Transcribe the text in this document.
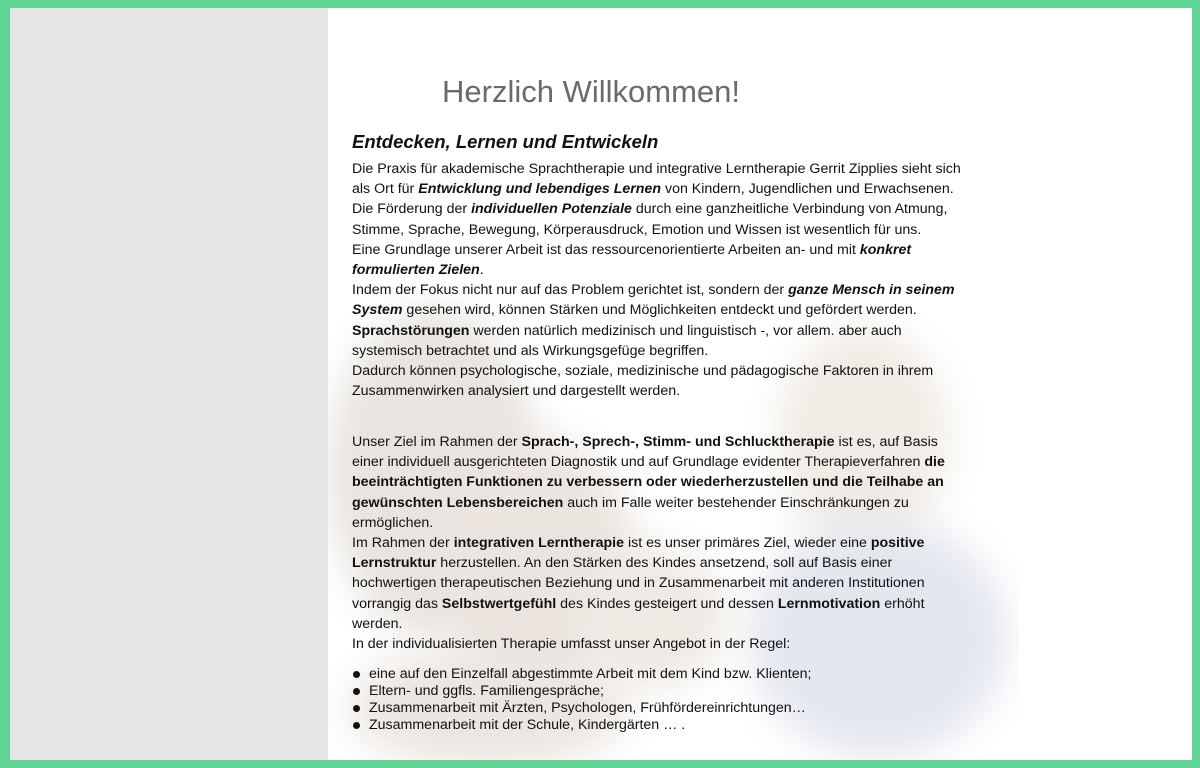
Herzlich Willkommen!
Entdecken, Lernen und Entwickeln

Die Praxis für akademische Sprachtherapie und integrative Lerntherapie Gerrit Zipplies sieht sich als Ort für Entwicklung und lebendiges Lernen von Kindern, Jugendlichen und Erwachsenen.
Die Förderung der individuellen Potenziale durch eine ganzheitliche Verbindung von Atmung, Stimme, Sprache, Bewegung, Körperausdruck, Emotion und Wissen ist wesentlich für uns.
Eine Grundlage unserer Arbeit ist das ressourcenorientierte Arbeiten an- und mit konkret formulierten Zielen.
Indem der Fokus nicht nur auf das Problem gerichtet ist, sondern der ganze Mensch in seinem System gesehen wird, können Stärken und Möglichkeiten entdeckt und gefördert werden. Sprachstörungen werden natürlich medizinisch und linguistisch -, vor allem. aber auch systemisch betrachtet und als Wirkungsgefüge begriffen.
Dadurch können psychologische, soziale, medizinische und pädagogische Faktoren in ihrem Zusammenwirken analysiert und dargestellt werden.

Unser Ziel im Rahmen der Sprach-, Sprech-, Stimm- und Schlucktherapie ist es, auf Basis einer individuell ausgerichteten Diagnostik und auf Grundlage evidenter Therapieverfahren die beeinträchtigten Funktionen zu verbessern oder wiederherzustellen und die Teilhabe an gewünschten Lebensbereichen auch im Falle weiter bestehender Einschränkungen zu ermöglichen.
Im Rahmen der integrativen Lerntherapie ist es unser primäres Ziel, wieder eine positive Lernstruktur herzustellen. An den Stärken des Kindes ansetzend, soll auf Basis einer hochwertigen therapeutischen Beziehung und in Zusammenarbeit mit anderen Institutionen vorrangig das Selbstwertgefühl des Kindes gesteigert und dessen Lernmotivation erhöht werden.
In der individualisierten Therapie umfasst unser Angebot in der Regel:

eine auf den Einzelfall abgestimmte Arbeit mit dem Kind bzw. Klienten;
Eltern- und ggfls. Familiengespräche;
Zusammenarbeit mit Ärzten, Psychologen, Frühfördereinrichtungen…
Zusammenarbeit mit der Schule, Kindergärten … .
